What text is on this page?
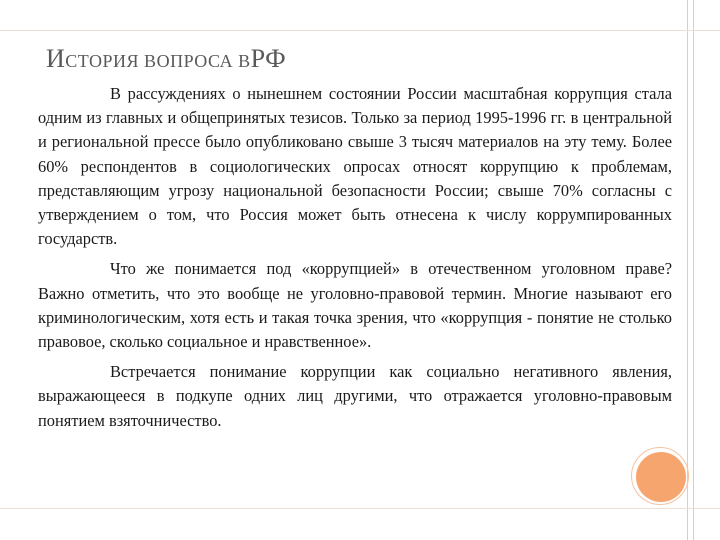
ИСТОРИЯ ВОПРОСА ВРФ

В рассуждениях о нынешнем состоянии России масштабная коррупция стала одним из главных и общепринятых тезисов. Только за период 1995-1996 гг. в центральной и региональной прессе было опубликовано свыше 3 тысяч материалов на эту тему. Более 60% респондентов в социологических опросах относят коррупцию к проблемам, представляющим угрозу национальной безопасности России; свыше 70% согласны с утверждением о том, что Россия может быть отнесена к числу коррумпированных государств.

Что же понимается под «коррупцией» в отечественном уголовном праве? Важно отметить, что это вообще не уголовно-правовой термин. Многие называют его криминологическим, хотя есть и такая точка зрения, что «коррупция - понятие не столько правовое, сколько социальное и нравственное».

Встречается понимание коррупции как социально негативного явления, выражающееся в подкупе одних лиц другими, что отражается уголовно-правовым понятием взяточничество.
